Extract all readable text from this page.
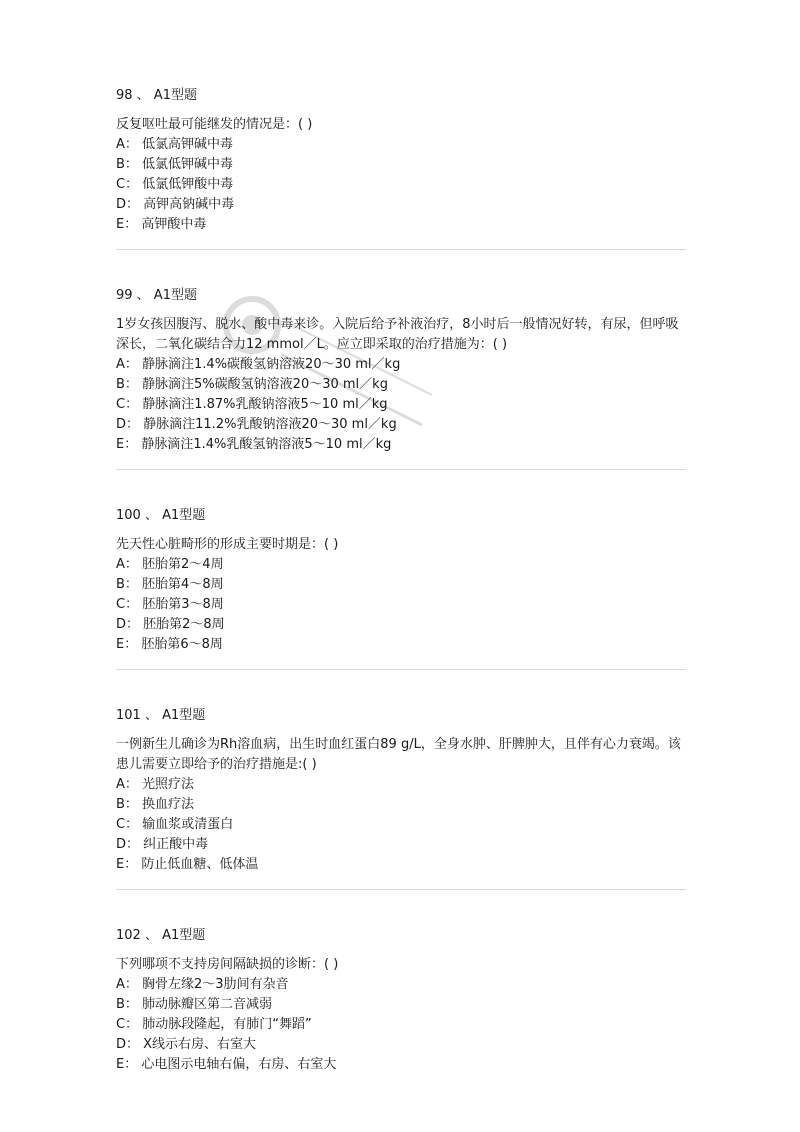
98 、 A1型题
反复呕吐最可能继发的情况是：( )
A： 低氯高钾碱中毒
B： 低氯低钾碱中毒
C： 低氯低钾酸中毒
D： 高钾高钠碱中毒
E： 高钾酸中毒
99 、 A1型题
1岁女孩因腹泻、脱水、酸中毒来诊。入院后给予补液治疗，8小时后一般情况好转，有尿，但呼吸深长，二氧化碳结合力12 mmol／L。应立即采取的治疗措施为：( )
A： 静脉滴注1.4%碳酸氢钠溶液20～30 ml／kg
B： 静脉滴注5%碳酸氢钠溶液20～30 ml／kg
C： 静脉滴注1.87%乳酸钠溶液5～10 ml／kg
D： 静脉滴注11.2%乳酸钠溶液20～30 ml／kg
E： 静脉滴注1.4%乳酸氢钠溶液5～10 ml／kg
100 、 A1型题
先天性心脏畸形的形成主要时期是：( )
A： 胚胎第2～4周
B： 胚胎第4～8周
C： 胚胎第3～8周
D： 胚胎第2～8周
E： 胚胎第6～8周
101 、 A1型题
一例新生儿确诊为Rh溶血病，出生时血红蛋白89 g/L，全身水肿、肝脾肿大，且伴有心力衰竭。该患儿需要立即给予的治疗措施是:( )
A： 光照疗法
B： 换血疗法
C： 输血浆或清蛋白
D： 纠正酸中毒
E： 防止低血糖、低体温
102 、 A1型题
下列哪项不支持房间隔缺损的诊断：( )
A： 胸骨左缘2～3肋间有杂音
B： 肺动脉瓣区第二音减弱
C： 肺动脉段隆起，有肺门“舞蹈”
D： X线示右房、右室大
E： 心电图示电轴右偏，右房、右室大
